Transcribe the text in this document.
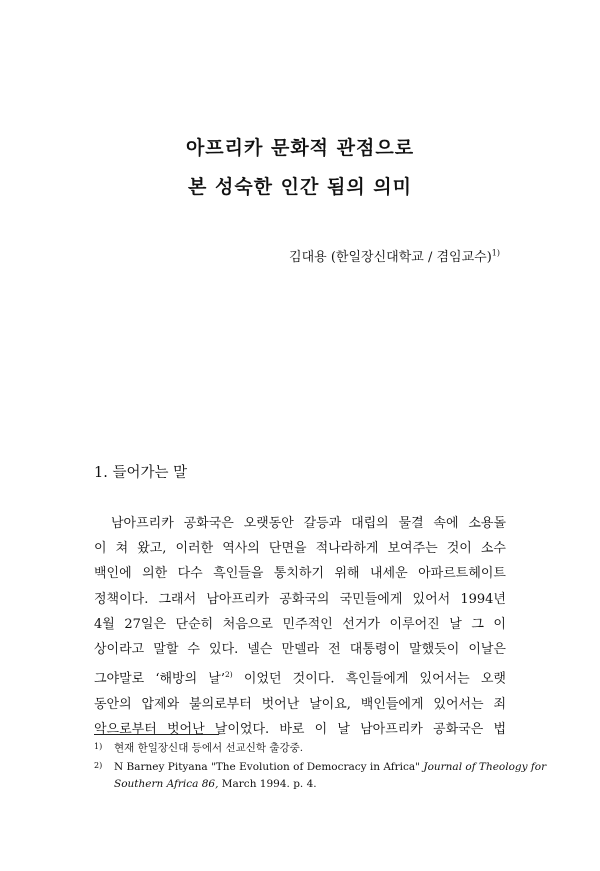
아프리카 문화적 관점으로
본 성숙한 인간 됨의 의미
김대용 (한일장신대학교 / 겸임교수)$^{1)}$
1. 들어가는 말
남아프리카 공화국은 오랫동안 갈등과 대립의 물결 속에 소용돌
이 쳐 왔고, 이러한 역사의 단면을 적나라하게 보여주는 것이 소수
백인에 의한 다수 흑인들을 통치하기 위해 내세운 아파르트헤이트
정책이다. 그래서 남아프리카 공화국의 국민들에게 있어서 1994년
4월 27일은 단순히 처음으로 민주적인 선거가 이루어진 날 그 이
상이라고 말할 수 있다. 넬슨 만델라 전 대통령이 말했듯이 이날은
그야말로 ‘해방의 날’$^{2)}$ 이었던 것이다. 흑인들에게 있어서는 오랫
동안의 압제와 불의로부터 벗어난 날이요, 백인들에게 있어서는 죄
악으로부터 벗어난 날이었다. 바로 이 날 남아프리카 공화국은 법
1) 현재 한일장신대 등에서 선교신학 출강중.
2) N Barney Pityana "The Evolution of Democracy in Africa" Journal of Theology for
Southern Africa 86, March 1994. p. 4.
